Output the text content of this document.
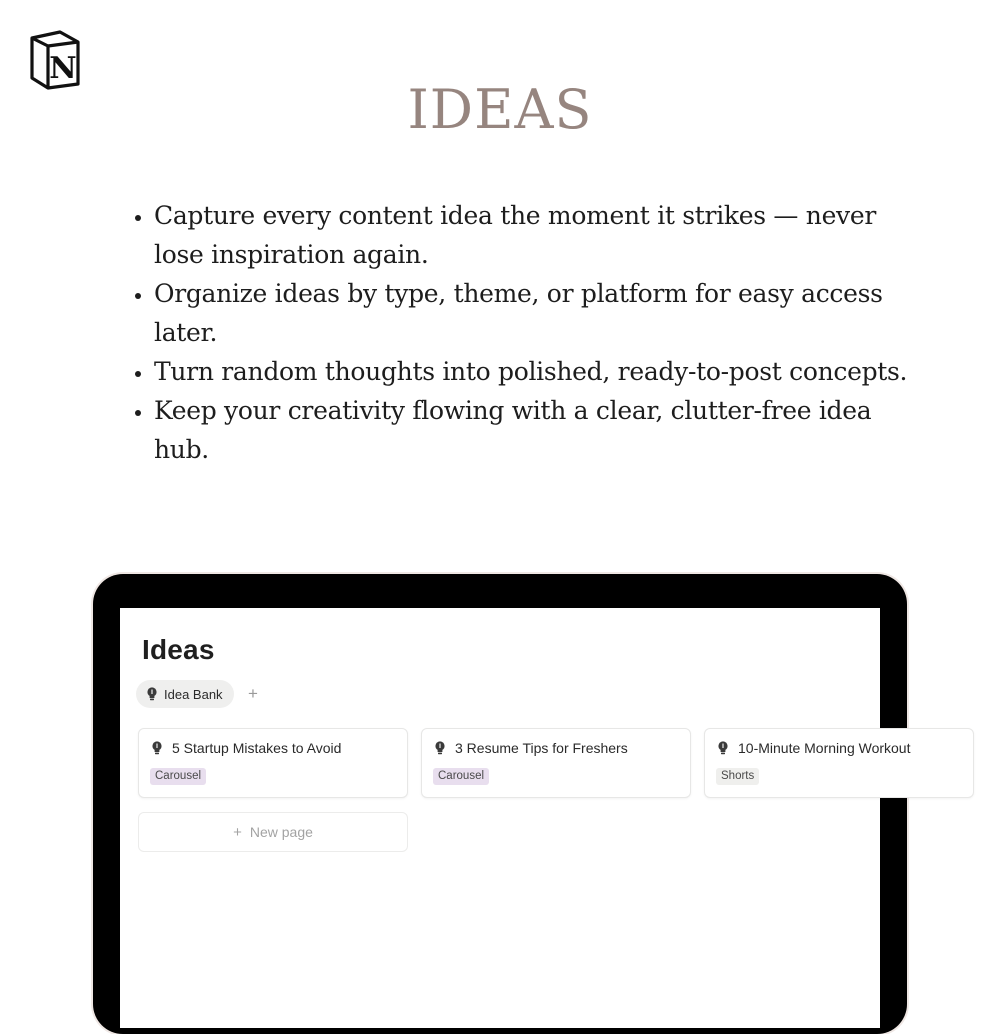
N
IDEAS
• Capture every content idea the moment it strikes — never lose inspiration again.
• Organize ideas by type, theme, or platform for easy access later.
• Turn random thoughts into polished, ready-to-post concepts.
• Keep your creativity flowing with a clear, clutter-free idea hub.
Ideas
Idea Bank +
5 Startup Mistakes to Avoid
Carousel
3 Resume Tips for Freshers
Carousel
10-Minute Morning Workout
Shorts
+ New page
